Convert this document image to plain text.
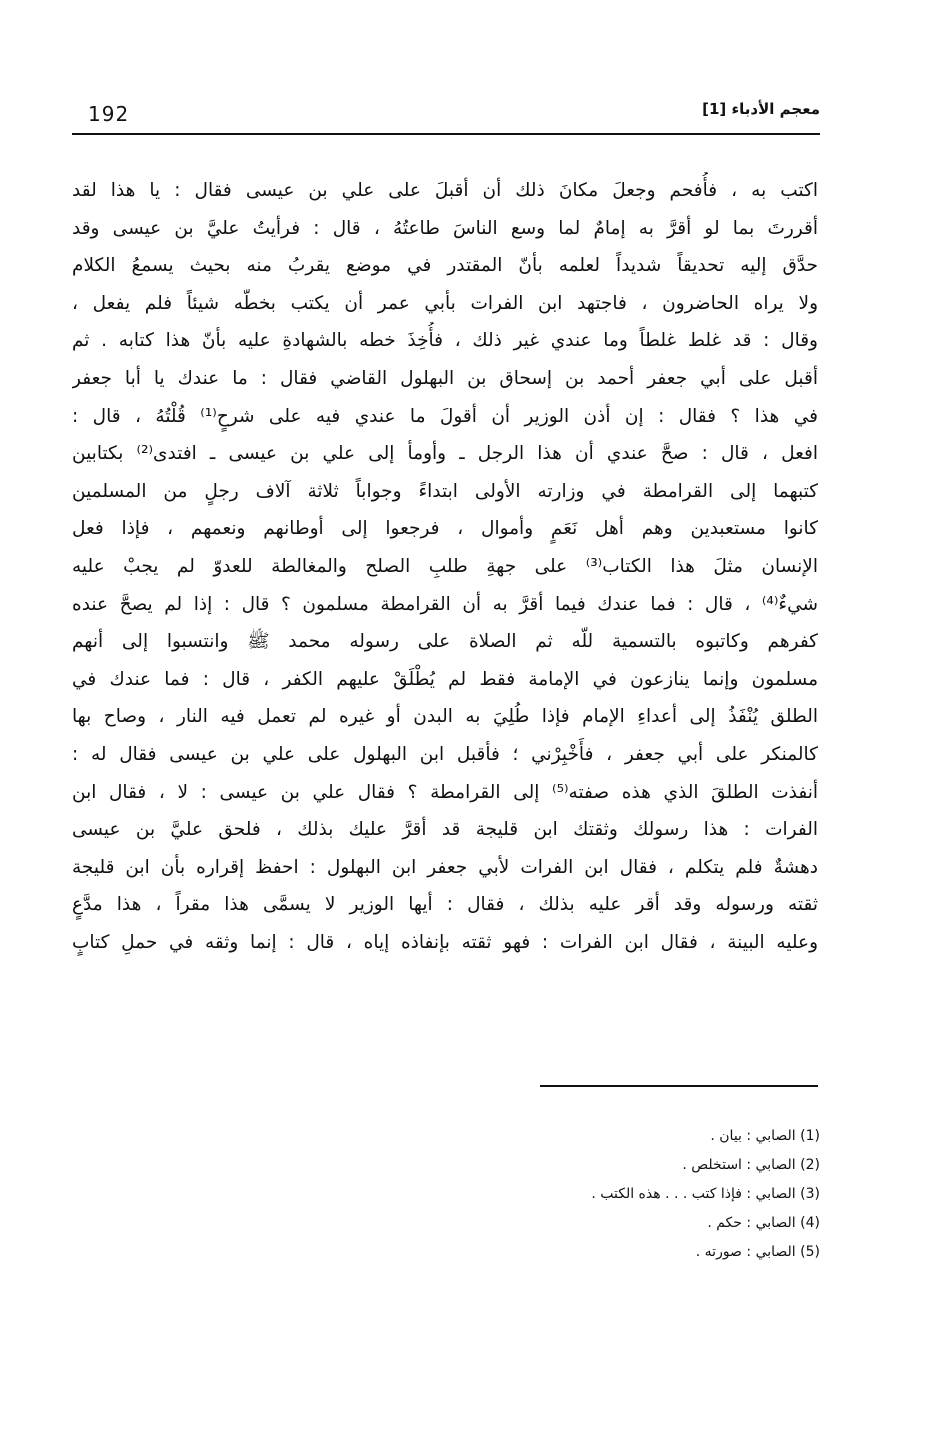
192	معجم الأدباء [1]
اكتب به ، فأُفحم وجعلَ مكانَ ذلك أن أقبلَ على علي بن عيسى فقال : يا هذا لقد
أقررتَ بما لو أقرَّ به إمامٌ لما وسع الناسَ طاعتُهُ ، قال : فرأيتُ عليَّ بن عيسى وقد
حدَّق إليه تحديقاً شديداً لعلمه بأنّ المقتدر في موضع يقربُ منه بحيث يسمعُ الكلام
ولا يراه الحاضرون ، فاجتهد ابن الفرات بأبي عمر أن يكتب بخطّه شيئاً فلم يفعل ،
وقال : قد غلط غلطاً وما عندي غير ذلك ، فأُخِذَ خطه بالشهادةِ عليه بأنّ هذا كتابه . ثم
أقبل على أبي جعفر أحمد بن إسحاق بن البهلول القاضي فقال : ما عندك يا أبا جعفر
في هذا ؟ فقال : إن أذن الوزير أن أقولَ ما عندي فيه على شرحٍ⁽¹⁾ قُلْتُهُ ، قال :
افعل ، قال : صحَّ عندي أن هذا الرجل ـ وأومأ إلى علي بن عيسى ـ افتدى⁽²⁾ بكتابين
كتبهما إلى القرامطة في وزارته الأولى ابتداءً وجواباً ثلاثة آلاف رجلٍ من المسلمين
كانوا مستعبدين وهم أهل نَعَمٍ وأموال ، فرجعوا إلى أوطانهم ونعمهم ، فإذا فعل
الإنسان مثلَ هذا الكتاب⁽³⁾ على جهةِ طلبِ الصلح والمغالطة للعدوّ لم يجبْ عليه
شيءٌ⁽⁴⁾ ، قال : فما عندك فيما أقرَّ به أن القرامطة مسلمون ؟ قال : إذا لم يصحَّ عنده
كفرهم وكاتبوه بالتسمية للّه ثم الصلاة على رسوله محمد ﷺ وانتسبوا إلى أنهم
مسلمون وإنما ينازعون في الإمامة فقط لم يُطْلَقْ عليهم الكفر ، قال : فما عندك في
الطلق يُنْفَذُ إلى أعداءِ الإمام فإذا طُلِيَ به البدن أو غيره لم تعمل فيه النار ، وصاح بها
كالمنكر على أبي جعفر ، فأَخْبِرْني ؛ فأقبل ابن البهلول على علي بن عيسى فقال له :
أنفذت الطلقَ الذي هذه صفته⁽⁵⁾ إلى القرامطة ؟ فقال علي بن عيسى : لا ، فقال ابن
الفرات : هذا رسولك وثقتك ابن قليجة قد أقرَّ عليك بذلك ، فلحق عليَّ بن عيسى
دهشةٌ فلم يتكلم ، فقال ابن الفرات لأبي جعفر ابن البهلول : احفظ إقراره بأن ابن قليجة
ثقته ورسوله وقد أقر عليه بذلك ، فقال : أيها الوزير لا يسمَّى هذا مقراً ، هذا مدَّعٍ
وعليه البينة ، فقال ابن الفرات : فهو ثقته بإنفاذه إياه ، قال : إنما وثقه في حملِ كتابٍ
(1) الصابي : بيان .
(2) الصابي : استخلص .
(3) الصابي : فإذا كتب . . . هذه الكتب .
(4) الصابي : حكم .
(5) الصابي : صورته .
